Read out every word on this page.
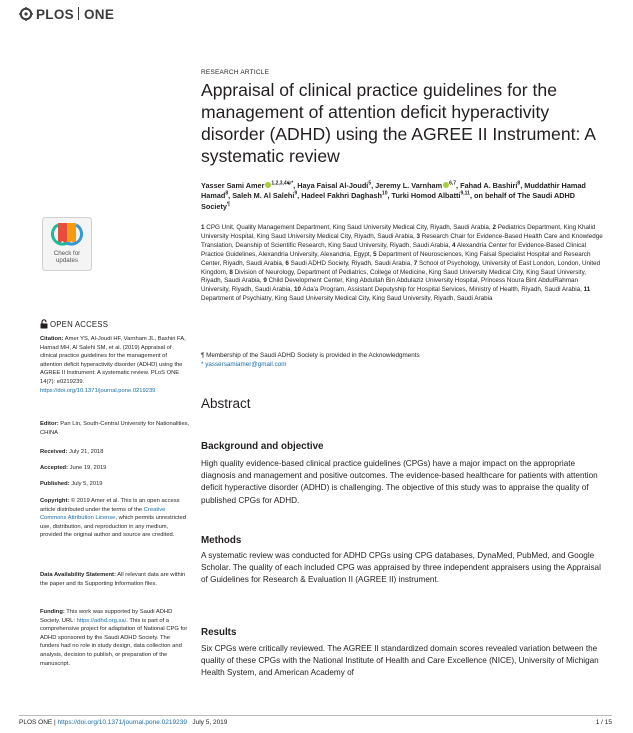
PLOS ONE
RESEARCH ARTICLE
Appraisal of clinical practice guidelines for the management of attention deficit hyperactivity disorder (ADHD) using the AGREE II Instrument: A systematic review
Yasser Sami Amer $^{1,2,3,4☯*}$, Haya Faisal Al-Joudi$^5$, Jeremy L. Varnham $^{6,7}$, Fahad A. Bashiri$^8$, Muddathir Hamad Hamad$^8$, Saleh M. Al Salehi$^9$, Hadeel Fakhri Daghash$^{10}$, Turki Homod Albatti$^{9,11}$, on behalf of The Saudi ADHD Society¶
1 CPG Unit, Quality Management Department, King Saud University Medical City, Riyadh, Saudi Arabia, 2 Pediatrics Department, King Khalid University Hospital, King Saud University Medical City, Riyadh, Saudi Arabia, 3 Research Chair for Evidence-Based Health Care and Knowledge Translation, Deanship of Scientific Research, King Saud University, Riyadh, Saudi Arabia, 4 Alexandria Center for Evidence-Based Clinical Practice Guidelines, Alexandria University, Alexandria, Egypt, 5 Department of Neurosciences, King Faisal Specialist Hospital and Research Center, Riyadh, Saudi Arabia, 6 Saudi ADHD Society, Riyadh, Saudi Arabia, 7 School of Psychology, University of East London, London, United Kingdom, 8 Division of Neurology, Department of Pediatrics, College of Medicine, King Saud University Medical City, King Saud University, Riyadh, Saudi Arabia, 9 Child Development Center, King Abdullah Bin Abdulaziz University Hospital, Princess Noura Bint AbdulRahman University, Riyadh, Saudi Arabia, 10 Ada'a Program, Assistant Deputyship for Hospital Services, Ministry of Health, Riyadh, Saudi Arabia, 11 Department of Psychiatry, King Saud University Medical City, King Saud University, Riyadh, Saudi Arabia
¶ Membership of the Saudi ADHD Society is provided in the Acknowledgments
* yassersamiamer@gmail.com
Abstract
Background and objective

High quality evidence-based clinical practice guidelines (CPGs) have a major impact on the appropriate diagnosis and management and positive outcomes. The evidence-based healthcare for patients with attention deficit hyperactive disorder (ADHD) is challenging. The objective of this study was to appraise the quality of published CPGs for ADHD.

Methods

A systematic review was conducted for ADHD CPGs using CPG databases, DynaMed, PubMed, and Google Scholar. The quality of each included CPG was appraised by three independent appraisers using the Appraisal of Guidelines for Research & Evaluation II (AGREE II) instrument.

Results

Six CPGs were critically reviewed. The AGREE II standardized domain scores revealed variation between the quality of these CPGs with the National Institute of Health and Care Excellence (NICE), University of Michigan Health System, and American Academy of

Check for
updates
OPEN ACCESS
Citation: Amer YS, Al-Joudi HF, Varnham JL, Bashiri FA, Hamad MH, Al Salehi SM, et al. (2019) Appraisal of clinical practice guidelines for the management of attention deficit hyperactivity disorder (ADHD) using the AGREE II Instrument: A systematic review. PLoS ONE 14(7): e0219239. https://doi.org/10.1371/journal.pone.0219239
Editor: Pan Lin, South-Central University for Nationalities, CHINA
Received: July 21, 2018
Accepted: June 19, 2019
Published: July 5, 2019
Copyright: © 2019 Amer et al. This is an open access article distributed under the terms of the Creative Commons Attribution License, which permits unrestricted use, distribution, and reproduction in any medium, provided the original author and source are credited.
Data Availability Statement: All relevant data are within the paper and its Supporting Information files.
Funding: This work was supported by Saudi ADHD Society. URL: https://adhd.org.sa/. This is part of a comprehensive project for adaptation of National CPG for ADHD sponsored by the Saudi ADHD Society. The funders had no role in study design, data collection and analysis, decision to publish, or preparation of the manuscript.
PLOS ONE | https://doi.org/10.1371/journal.pone.0219239 July 5, 2019	1 / 15
